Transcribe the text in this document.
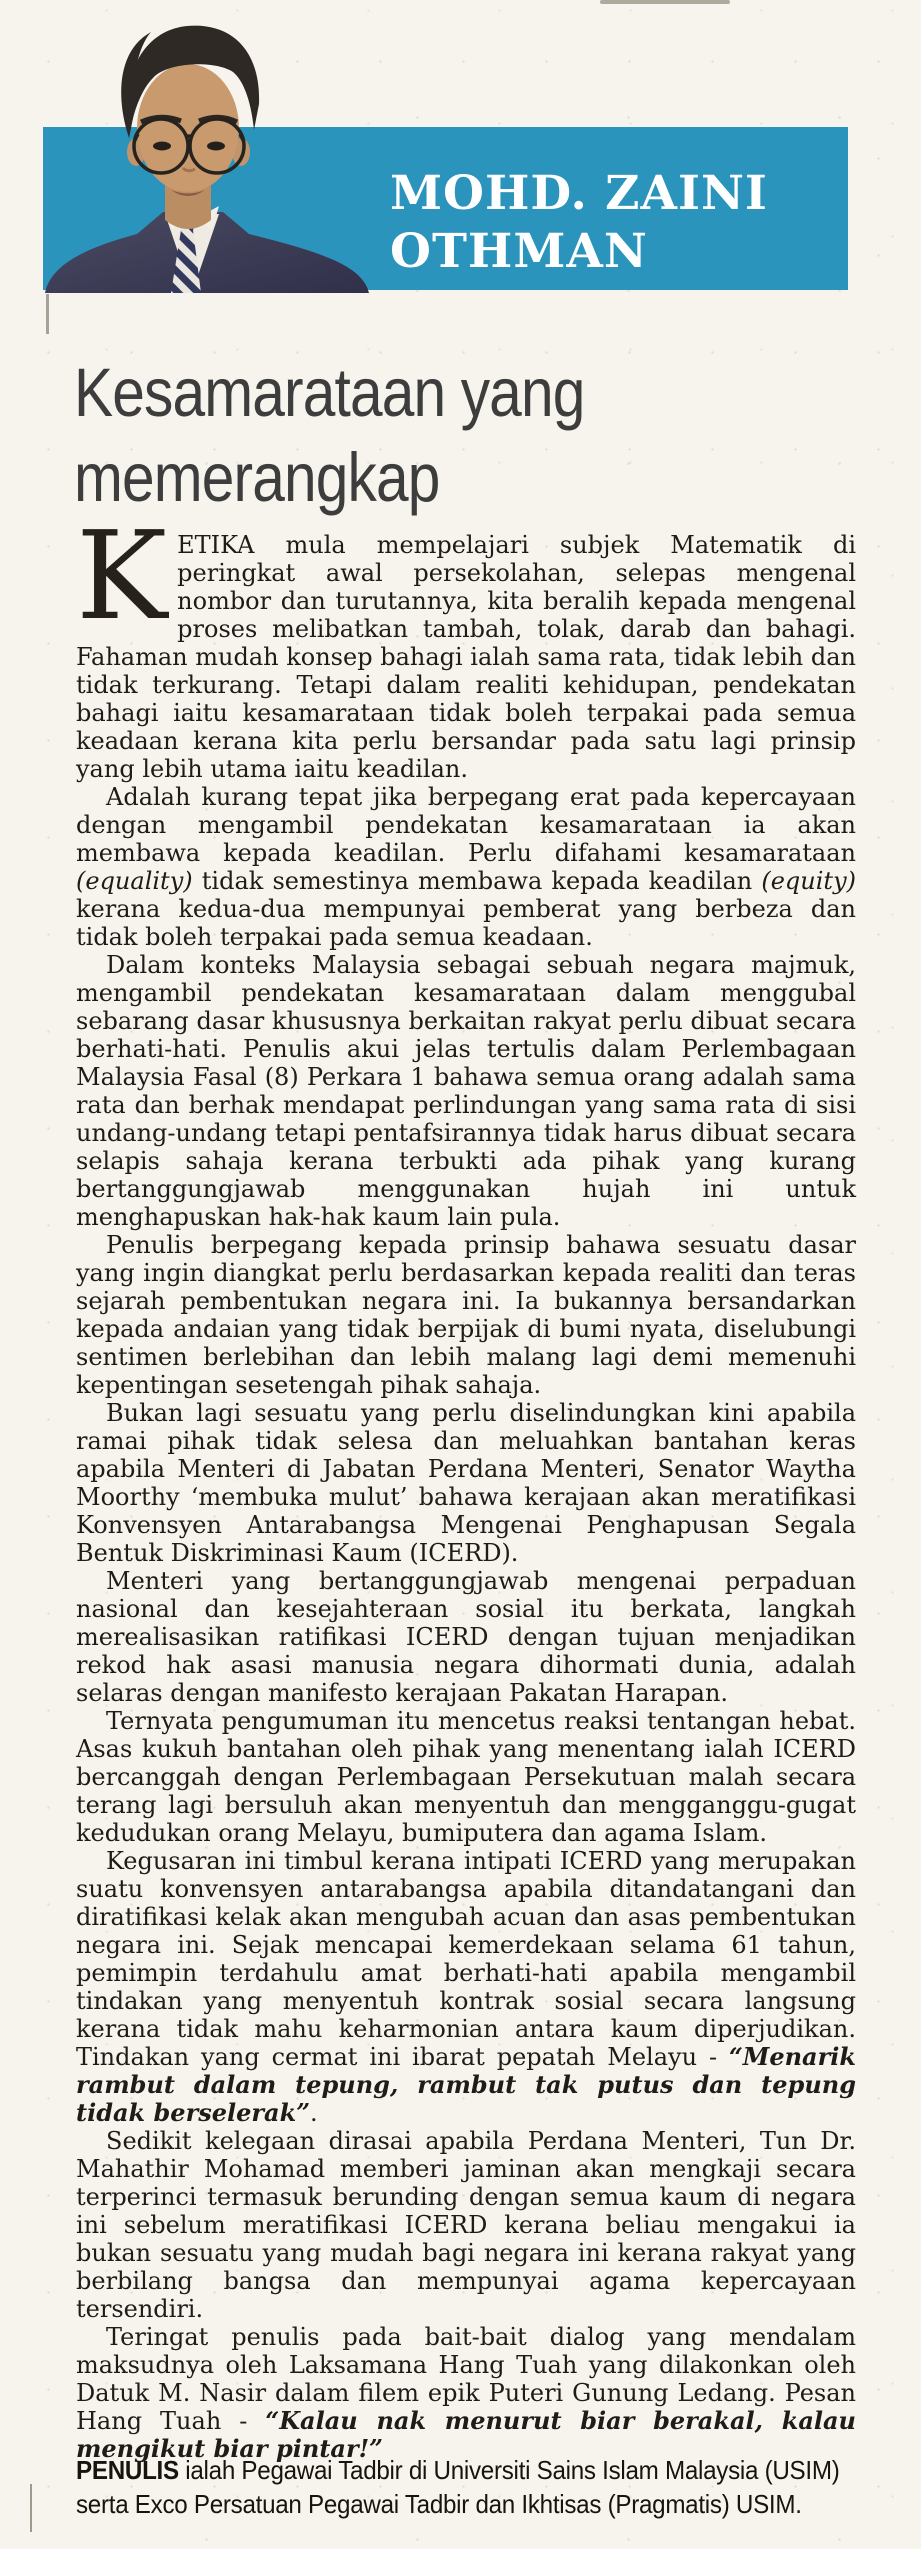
MOHD. ZAINI
OTHMAN
Kesamarataan yang
memerangkap

KETIKA mula mempelajari subjek Matematik di peringkat awal persekolahan, selepas mengenal nombor dan turutannya, kita beralih kepada mengenal proses melibatkan tambah, tolak, darab dan bahagi. Fahaman mudah konsep bahagi ialah sama rata, tidak lebih dan tidak terkurang. Tetapi dalam realiti kehidupan, pendekatan bahagi iaitu kesamarataan tidak boleh terpakai pada semua keadaan kerana kita perlu bersandar pada satu lagi prinsip yang lebih utama iaitu keadilan.

Adalah kurang tepat jika berpegang erat pada kepercayaan dengan mengambil pendekatan kesamarataan ia akan membawa kepada keadilan. Perlu difahami kesamarataan (equality) tidak semestinya membawa kepada keadilan (equity) kerana kedua-dua mempunyai pemberat yang berbeza dan tidak boleh terpakai pada semua keadaan.

Dalam konteks Malaysia sebagai sebuah negara majmuk, mengambil pendekatan kesamarataan dalam menggubal sebarang dasar khususnya berkaitan rakyat perlu dibuat secara berhati-hati. Penulis akui jelas tertulis dalam Perlembagaan Malaysia Fasal (8) Perkara 1 bahawa semua orang adalah sama rata dan berhak mendapat perlindungan yang sama rata di sisi undang-undang tetapi pentafsirannya tidak harus dibuat secara selapis sahaja kerana terbukti ada pihak yang kurang bertanggungjawab menggunakan hujah ini untuk menghapuskan hak-hak kaum lain pula.

Penulis berpegang kepada prinsip bahawa sesuatu dasar yang ingin diangkat perlu berdasarkan kepada realiti dan teras sejarah pembentukan negara ini. Ia bukannya bersandarkan kepada andaian yang tidak berpijak di bumi nyata, diselubungi sentimen berlebihan dan lebih malang lagi demi memenuhi kepentingan sesetengah pihak sahaja.

Bukan lagi sesuatu yang perlu diselindungkan kini apabila ramai pihak tidak selesa dan meluahkan bantahan keras apabila Menteri di Jabatan Perdana Menteri, Senator Waytha Moorthy ‘membuka mulut’ bahawa kerajaan akan meratifikasi Konvensyen Antarabangsa Mengenai Penghapusan Segala Bentuk Diskriminasi Kaum (ICERD).

Menteri yang bertanggungjawab mengenai perpaduan nasional dan kesejahteraan sosial itu berkata, langkah merealisasikan ratifikasi ICERD dengan tujuan menjadikan rekod hak asasi manusia negara dihormati dunia, adalah selaras dengan manifesto kerajaan Pakatan Harapan.

Ternyata pengumuman itu mencetus reaksi tentangan hebat. Asas kukuh bantahan oleh pihak yang menentang ialah ICERD bercanggah dengan Perlembagaan Persekutuan malah secara terang lagi bersuluh akan menyentuh dan mengganggu-gugat kedudukan orang Melayu, bumiputera dan agama Islam.

Kegusaran ini timbul kerana intipati ICERD yang merupakan suatu konvensyen antarabangsa apabila ditandatangani dan diratifikasi kelak akan mengubah acuan dan asas pembentukan negara ini. Sejak mencapai kemerdekaan selama 61 tahun, pemimpin terdahulu amat berhati-hati apabila mengambil tindakan yang menyentuh kontrak sosial secara langsung kerana tidak mahu keharmonian antara kaum diperjudikan. Tindakan yang cermat ini ibarat pepatah Melayu - “Menarik rambut dalam tepung, rambut tak putus dan tepung tidak berselerak”.

Sedikit kelegaan dirasai apabila Perdana Menteri, Tun Dr. Mahathir Mohamad memberi jaminan akan mengkaji secara terperinci termasuk berunding dengan semua kaum di negara ini sebelum meratifikasi ICERD kerana beliau mengakui ia bukan sesuatu yang mudah bagi negara ini kerana rakyat yang berbilang bangsa dan mempunyai agama kepercayaan tersendiri.

Teringat penulis pada bait-bait dialog yang mendalam maksudnya oleh Laksamana Hang Tuah yang dilakonkan oleh Datuk M. Nasir dalam filem epik Puteri Gunung Ledang. Pesan Hang Tuah - “Kalau nak menurut biar berakal, kalau mengikut biar pintar!”

PENULIS ialah Pegawai Tadbir di Universiti Sains Islam Malaysia (USIM)
serta Exco Persatuan Pegawai Tadbir dan Ikhtisas (Pragmatis) USIM.
